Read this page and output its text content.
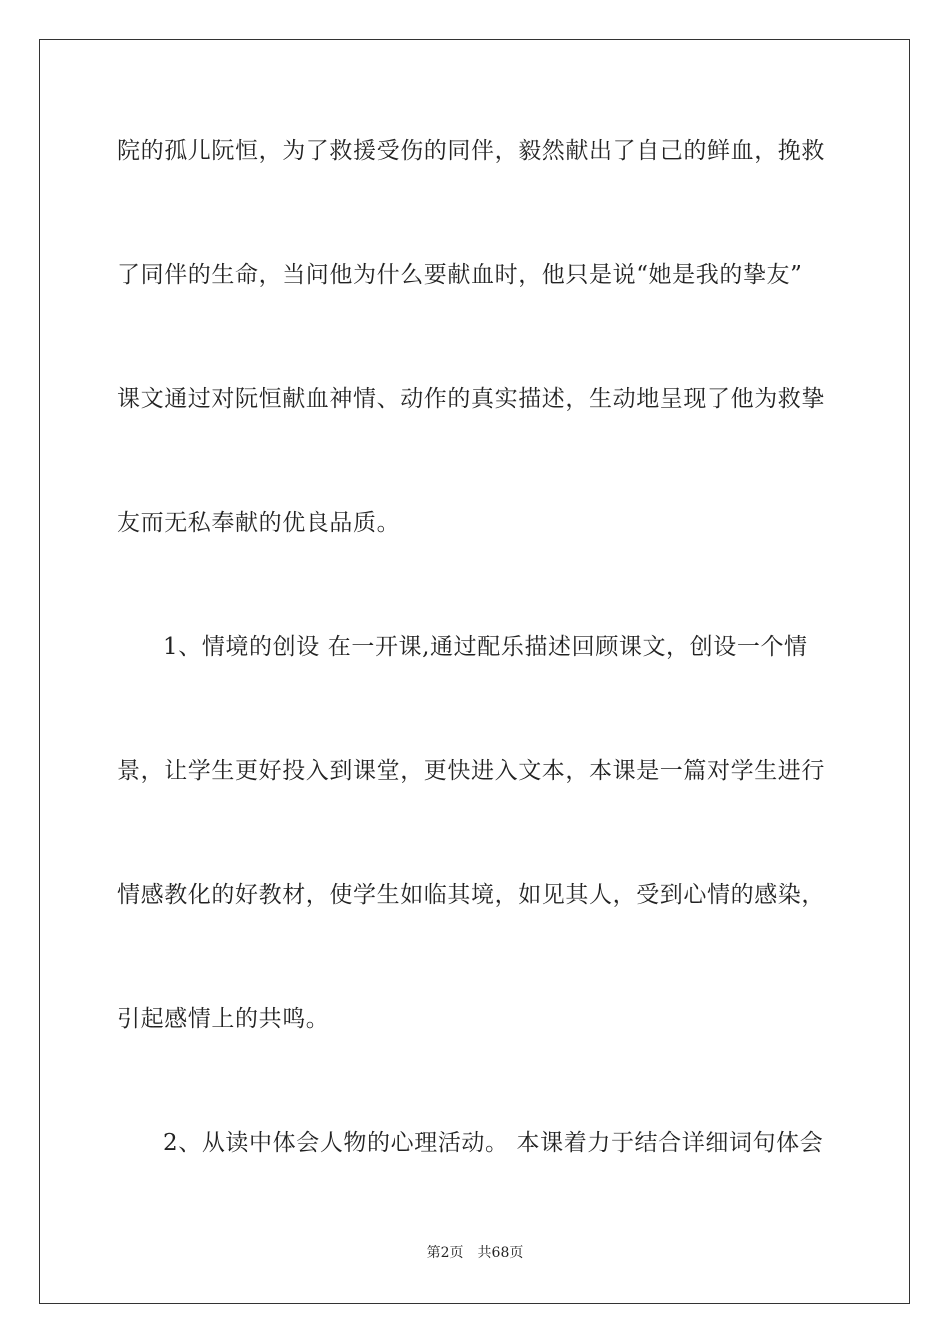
院的孤儿阮恒，为了救援受伤的同伴，毅然献出了自己的鲜血，挽救
了同伴的生命，当问他为什么要献血时，他只是说“她是我的挚友”
课文通过对阮恒献血神情、动作的真实描述，生动地呈现了他为救挚
友而无私奉献的优良品质。
1、情境的创设 在一开课,通过配乐描述回顾课文，创设一个情
景，让学生更好投入到课堂，更快进入文本，本课是一篇对学生进行
情感教化的好教材，使学生如临其境，如见其人，受到心情的感染，
引起感情上的共鸣。
2、从读中体会人物的心理活动。 本课着力于结合详细词句体会
第2页 共68页
